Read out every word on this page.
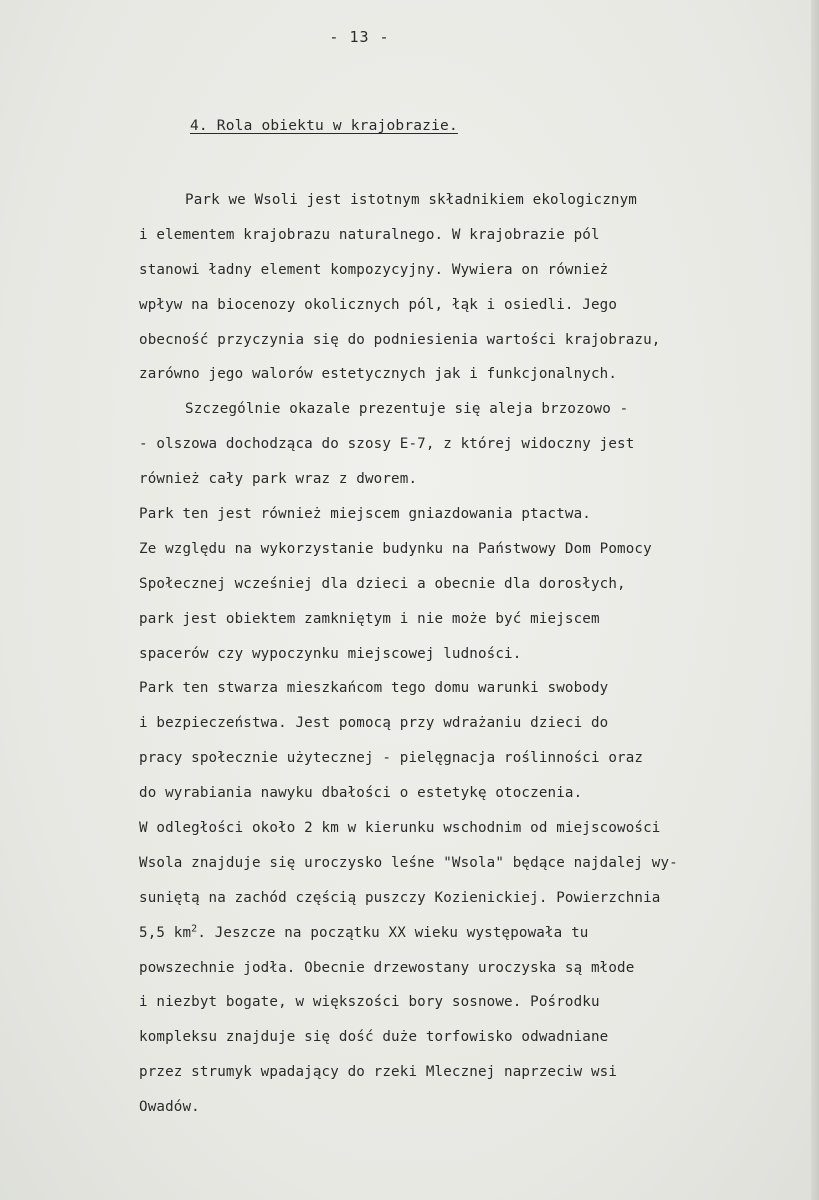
- 13 -
4. Rola obiektu w krajobrazie.
Park we Wsoli jest istotnym składnikiem ekologicznym
i elementem krajobrazu naturalnego. W krajobrazie pól
stanowi ładny element kompozycyjny. Wywiera on również
wpływ na biocenozy okolicznych pól, łąk i osiedli. Jego
obecność przyczynia się do podniesienia wartości krajobrazu,
zarówno jego walorów estetycznych jak i funkcjonalnych.
Szczególnie okazale prezentuje się aleja brzozowo -
- olszowa dochodząca do szosy E-7, z której widoczny jest
również cały park wraz z dworem.
Park ten jest również miejscem gniazdowania ptactwa.
Ze względu na wykorzystanie budynku na Państwowy Dom Pomocy
Społecznej wcześniej dla dzieci a obecnie dla dorosłych,
park jest obiektem zamkniętym i nie może być miejscem
spacerów czy wypoczynku miejscowej ludności.
Park ten stwarza mieszkańcom tego domu warunki swobody
i bezpieczeństwa. Jest pomocą przy wdrażaniu dzieci do
pracy społecznie użytecznej - pielęgnacja roślinności oraz
do wyrabiania nawyku dbałości o estetykę otoczenia.
W odległości około 2 km w kierunku wschodnim od miejscowości
Wsola znajduje się uroczysko leśne "Wsola" będące najdalej wy-
suniętą na zachód częścią puszczy Kozienickiej. Powierzchnia
5,5 $km^2$. Jeszcze na początku XX wieku występowała tu
powszechnie jodła. Obecnie drzewostany uroczyska są młode
i niezbyt bogate, w większości bory sosnowe. Pośrodku
kompleksu znajduje się dość duże torfowisko odwadniane
przez strumyk wpadający do rzeki Mlecznej naprzeciw wsi
Owadów.
